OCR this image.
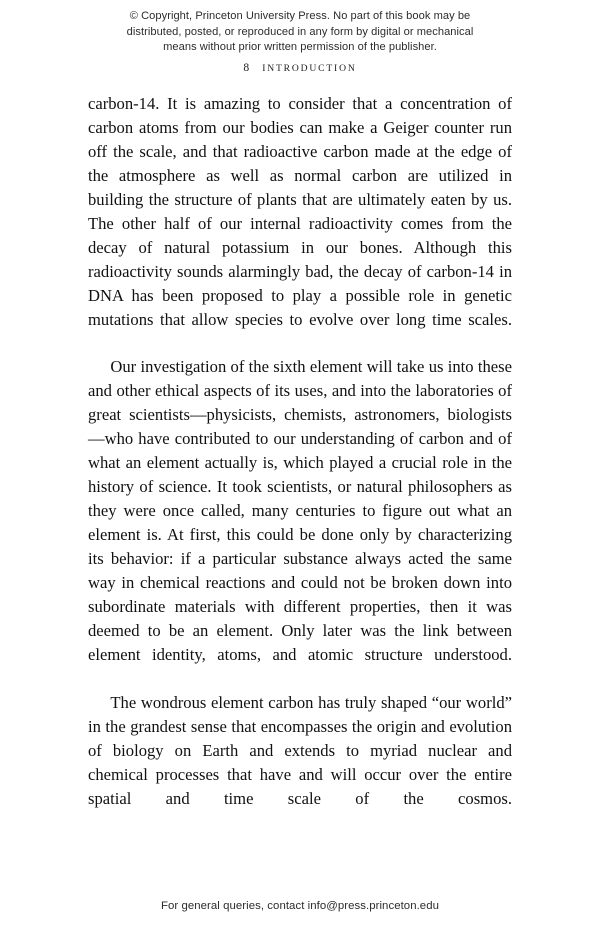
© Copyright, Princeton University Press. No part of this book may be
distributed, posted, or reproduced in any form by digital or mechanical
means without prior written permission of the publisher.
8 INTRODUCTION

carbon-14. It is amazing to consider that a concentration of carbon atoms from our bodies can make a Geiger counter run off the scale, and that radioactive carbon made at the edge of the atmosphere as well as normal carbon are utilized in building the structure of plants that are ultimately eaten by us. The other half of our internal radioactivity comes from the decay of natural potassium in our bones. Although this radioactivity sounds alarmingly bad, the decay of carbon-14 in DNA has been proposed to play a possible role in genetic mutations that allow species to evolve over long time scales.

Our investigation of the sixth element will take us into these and other ethical aspects of its uses, and into the laboratories of great scientists—physicists, chemists, astronomers, biologists—who have contributed to our understanding of carbon and of what an element actually is, which played a crucial role in the history of science. It took scientists, or natural philosophers as they were once called, many centuries to figure out what an element is. At first, this could be done only by characterizing its behavior: if a particular substance always acted the same way in chemical reactions and could not be broken down into subordinate materials with different properties, then it was deemed to be an element. Only later was the link between element identity, atoms, and atomic structure understood.

The wondrous element carbon has truly shaped “our world” in the grandest sense that encompasses the origin and evolution of biology on Earth and extends to myriad nuclear and chemical processes that have and will occur over the entire spatial and time scale of the cosmos.

For general queries, contact info@press.princeton.edu
